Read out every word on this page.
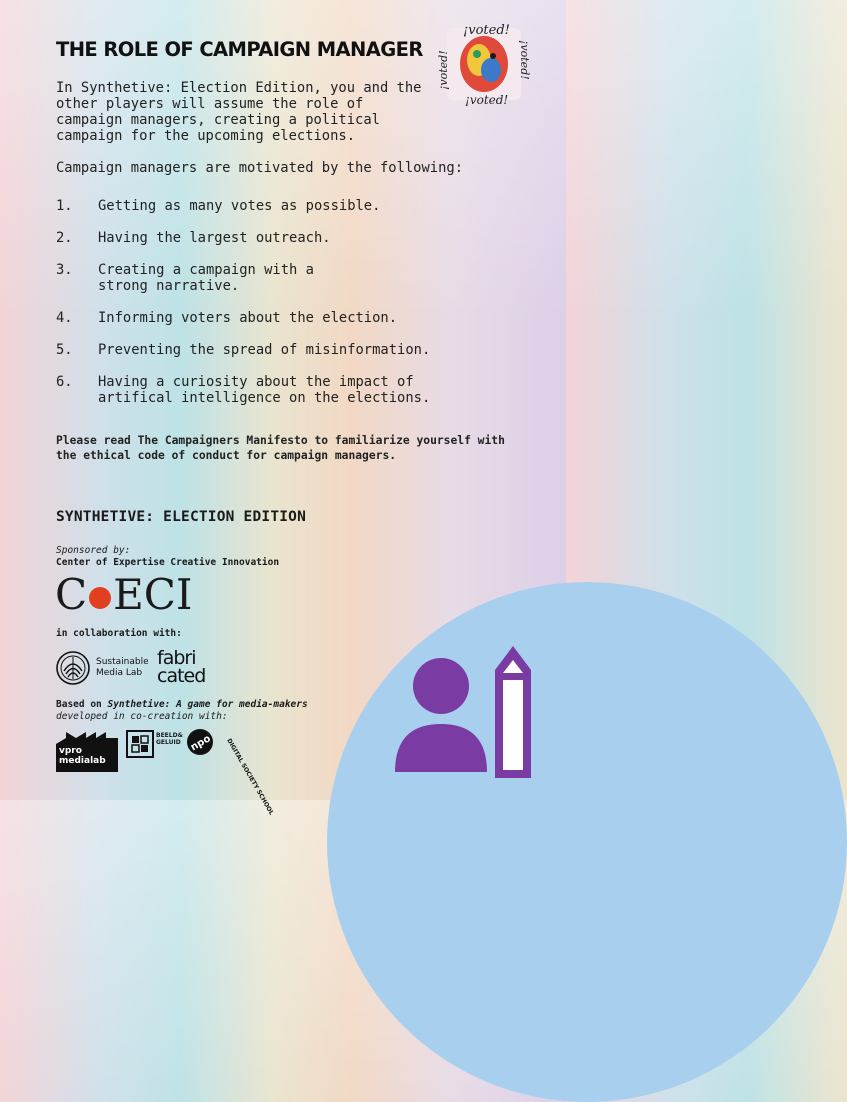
THE ROLE OF CAMPAIGN MANAGER
¡voted!
¡voted!
¡voted!	¡voted!

In Synthetive: Election Edition, you and the other players will assume the role of campaign managers, creating a political campaign for the upcoming elections.

Campaign managers are motivated by the following:

1.	Getting as many votes as possible.
2.	Having the largest outreach.
3.	Creating a campaign with a strong narrative.
4.	Informing voters about the election.
5.	Preventing the spread of misinformation.
6.	Having a curiosity about the impact of artifical intelligence on the elections.

Please read The Campaigners Manifesto to familiarize yourself with the ethical code of conduct for campaign managers.

SYNTHETIVE: ELECTION EDITION
Sponsored by:
Center of Expertise Creative Innovation
C ECI
in collaboration with:
Sustainable
Media Lab
fabri cated
Based on Synthetive: A game for media-makers
developed in co-creation with:
vpro medialab
BEELD& GELUID npo DIGITAL SOCIETY SCHOOL
